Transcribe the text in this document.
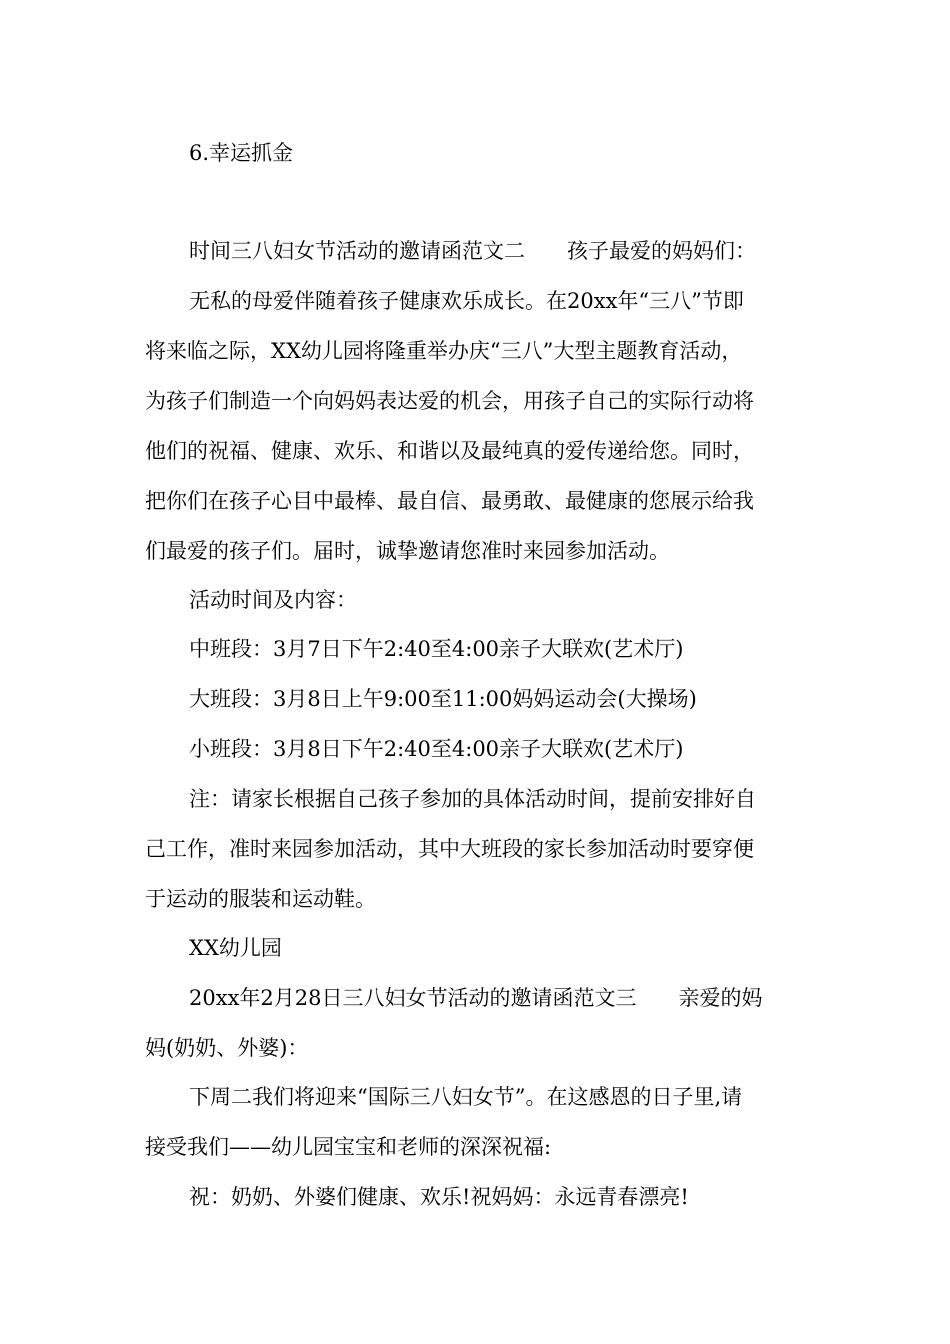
6.幸运抓金
时间三八妇女节活动的邀请函范文二　　孩子最爱的妈妈们：
无私的母爱伴随着孩子健康欢乐成长。在20xx年“三八”节即
将来临之际，XX幼儿园将隆重举办庆“三八”大型主题教育活动，
为孩子们制造一个向妈妈表达爱的机会，用孩子自己的实际行动将
他们的祝福、健康、欢乐、和谐以及最纯真的爱传递给您。同时，
把你们在孩子心目中最棒、最自信、最勇敢、最健康的您展示给我
们最爱的孩子们。届时，诚挚邀请您准时来园参加活动。
活动时间及内容：
中班段：3月7日下午2:40至4:00亲子大联欢(艺术厅)
大班段：3月8日上午9:00至11:00妈妈运动会(大操场)
小班段：3月8日下午2:40至4:00亲子大联欢(艺术厅)
注：请家长根据自己孩子参加的具体活动时间，提前安排好自
己工作，准时来园参加活动，其中大班段的家长参加活动时要穿便
于运动的服装和运动鞋。
XX幼儿园
20xx年2月28日三八妇女节活动的邀请函范文三　　亲爱的妈
妈(奶奶、外婆)：
下周二我们将迎来“国际三八妇女节”。在这感恩的日子里,请
接受我们——幼儿园宝宝和老师的深深祝福:
祝：奶奶、外婆们健康、欢乐!祝妈妈：永远青春漂亮!
